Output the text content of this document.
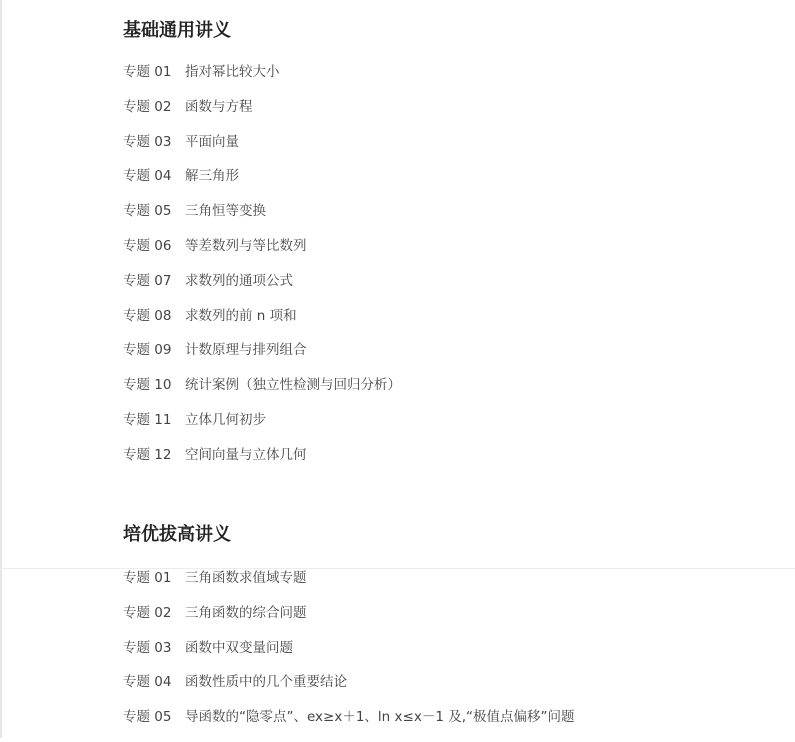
基础通用讲义
专题 01 指对幂比较大小
专题 02 函数与方程
专题 03 平面向量
专题 04 解三角形
专题 05 三角恒等变换
专题 06 等差数列与等比数列
专题 07 求数列的通项公式
专题 08 求数列的前 n 项和
专题 09 计数原理与排列组合
专题 10 统计案例（独立性检测与回归分析）
专题 11 立体几何初步
专题 12 空间向量与立体几何
培优拔高讲义
专题 01 三角函数求值域专题
专题 02 三角函数的综合问题
专题 03 函数中双变量问题
专题 04 函数性质中的几个重要结论
专题 05 导函数的“隐零点”、ex≥x＋1、ln x≤x－1 及,“极值点偏移”问题
